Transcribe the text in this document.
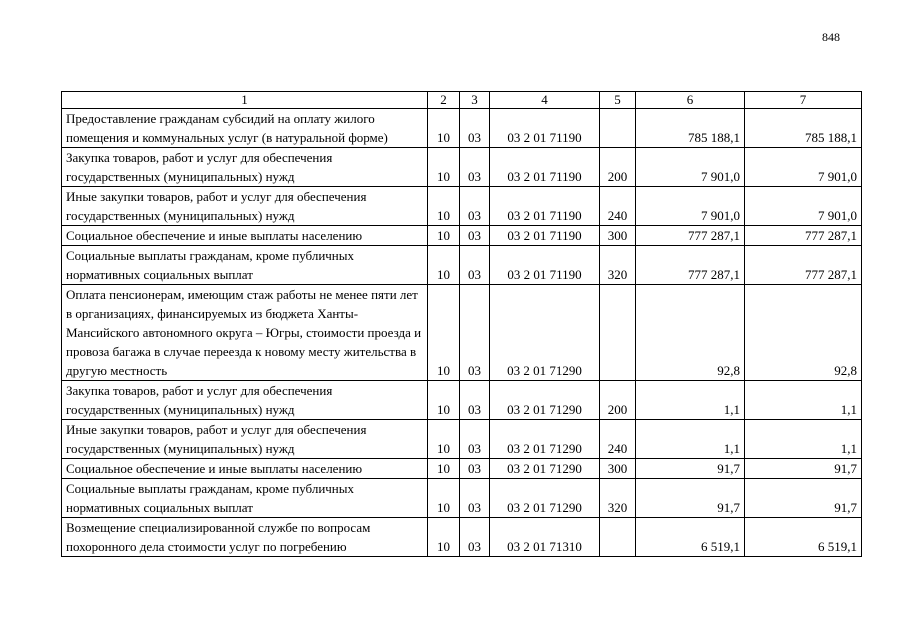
848
1	2	3	4	5	6	7
Предоставление гражданам субсидий на оплату жилого помещения и коммунальных услуг (в натуральной форме)	10	03	03 2 01 71190		785 188,1	785 188,1
Закупка товаров, работ и услуг для обеспечения государственных (муниципальных) нужд	10	03	03 2 01 71190	200	7 901,0	7 901,0
Иные закупки товаров, работ и услуг для обеспечения государственных (муниципальных) нужд	10	03	03 2 01 71190	240	7 901,0	7 901,0
Социальное обеспечение и иные выплаты населению	10	03	03 2 01 71190	300	777 287,1	777 287,1
Социальные выплаты гражданам, кроме публичных нормативных социальных выплат	10	03	03 2 01 71190	320	777 287,1	777 287,1
Оплата пенсионерам, имеющим стаж работы не менее пяти лет в организациях, финансируемых из бюджета Ханты-Мансийского автономного округа – Югры, стоимости проезда и провоза багажа в случае переезда к новому месту жительства в другую местность	10	03	03 2 01 71290		92,8	92,8
Закупка товаров, работ и услуг для обеспечения государственных (муниципальных) нужд	10	03	03 2 01 71290	200	1,1	1,1
Иные закупки товаров, работ и услуг для обеспечения государственных (муниципальных) нужд	10	03	03 2 01 71290	240	1,1	1,1
Социальное обеспечение и иные выплаты населению	10	03	03 2 01 71290	300	91,7	91,7
Социальные выплаты гражданам, кроме публичных нормативных социальных выплат	10	03	03 2 01 71290	320	91,7	91,7
Возмещение специализированной службе по вопросам похоронного дела стоимости услуг по погребению	10	03	03 2 01 71310		6 519,1	6 519,1
